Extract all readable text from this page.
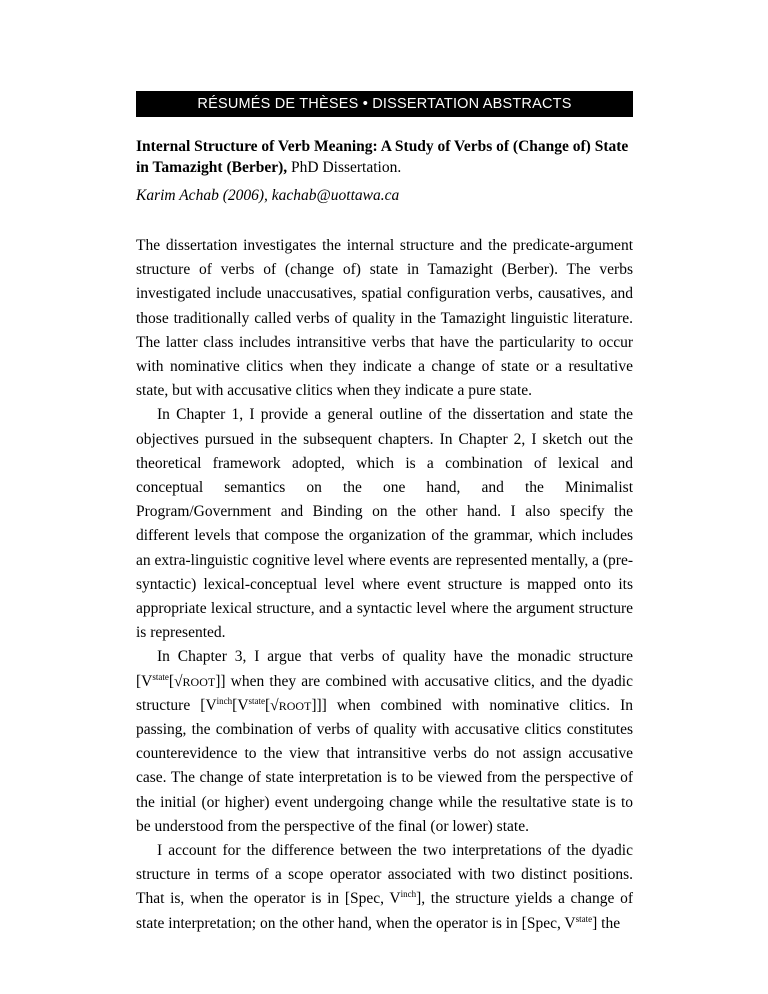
RÉSUMÉS DE THÈSES • DISSERTATION ABSTRACTS
Internal Structure of Verb Meaning: A Study of Verbs of (Change of) State in Tamazight (Berber), PhD Dissertation.
Karim Achab (2006), kachab@uottawa.ca

The dissertation investigates the internal structure and the predicate-argument structure of verbs of (change of) state in Tamazight (Berber). The verbs investigated include unaccusatives, spatial configuration verbs, causatives, and those traditionally called verbs of quality in the Tamazight linguistic literature. The latter class includes intransitive verbs that have the particularity to occur with nominative clitics when they indicate a change of state or a resultative state, but with accusative clitics when they indicate a pure state.

In Chapter 1, I provide a general outline of the dissertation and state the objectives pursued in the subsequent chapters. In Chapter 2, I sketch out the theoretical framework adopted, which is a combination of lexical and conceptual semantics on the one hand, and the Minimalist Program/Government and Binding on the other hand. I also specify the different levels that compose the organization of the grammar, which includes an extra-linguistic cognitive level where events are represented mentally, a (pre-syntactic) lexical-conceptual level where event structure is mapped onto its appropriate lexical structure, and a syntactic level where the argument structure is represented.

In Chapter 3, I argue that verbs of quality have the monadic structure $[V^{state}[√ROOT]]$ when they are combined with accusative clitics, and the dyadic structure $[V^{inch}[V^{state}[√ROOT]]]$ when combined with nominative clitics. In passing, the combination of verbs of quality with accusative clitics constitutes counterevidence to the view that intransitive verbs do not assign accusative case. The change of state interpretation is to be viewed from the perspective of the initial (or higher) event undergoing change while the resultative state is to be understood from the perspective of the final (or lower) state.

I account for the difference between the two interpretations of the dyadic structure in terms of a scope operator associated with two distinct positions. That is, when the operator is in [Spec, $V^{inch}$], the structure yields a change of state interpretation; on the other hand, when the operator is in [Spec, $V^{state}$] the
